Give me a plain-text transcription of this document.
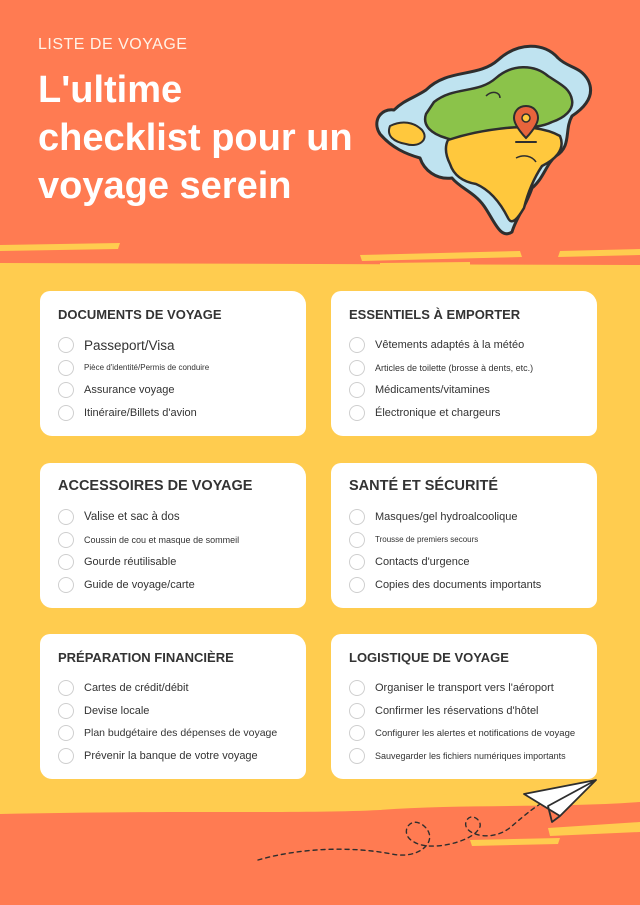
LISTE DE VOYAGE
L'ultime
checklist pour un
voyage serein
DOCUMENTS DE VOYAGE
Passeport/Visa
Pièce d'identité/Permis de conduire
Assurance voyage
Itinéraire/Billets d'avion
ESSENTIELS À EMPORTER
Vêtements adaptés à la météo
Articles de toilette (brosse à dents, etc.)
Médicaments/vitamines
Électronique et chargeurs
ACCESSOIRES DE VOYAGE
Valise et sac à dos
Coussin de cou et masque de sommeil
Gourde réutilisable
Guide de voyage/carte
SANTÉ ET SÉCURITÉ
Masques/gel hydroalcoolique
Trousse de premiers secours
Contacts d'urgence
Copies des documents importants
PRÉPARATION FINANCIÈRE
Cartes de crédit/débit
Devise locale
Plan budgétaire des dépenses de voyage
Prévenir la banque de votre voyage
LOGISTIQUE DE VOYAGE
Organiser le transport vers l'aéroport
Confirmer les réservations d'hôtel
Configurer les alertes et notifications de voyage
Sauvegarder les fichiers numériques importants
